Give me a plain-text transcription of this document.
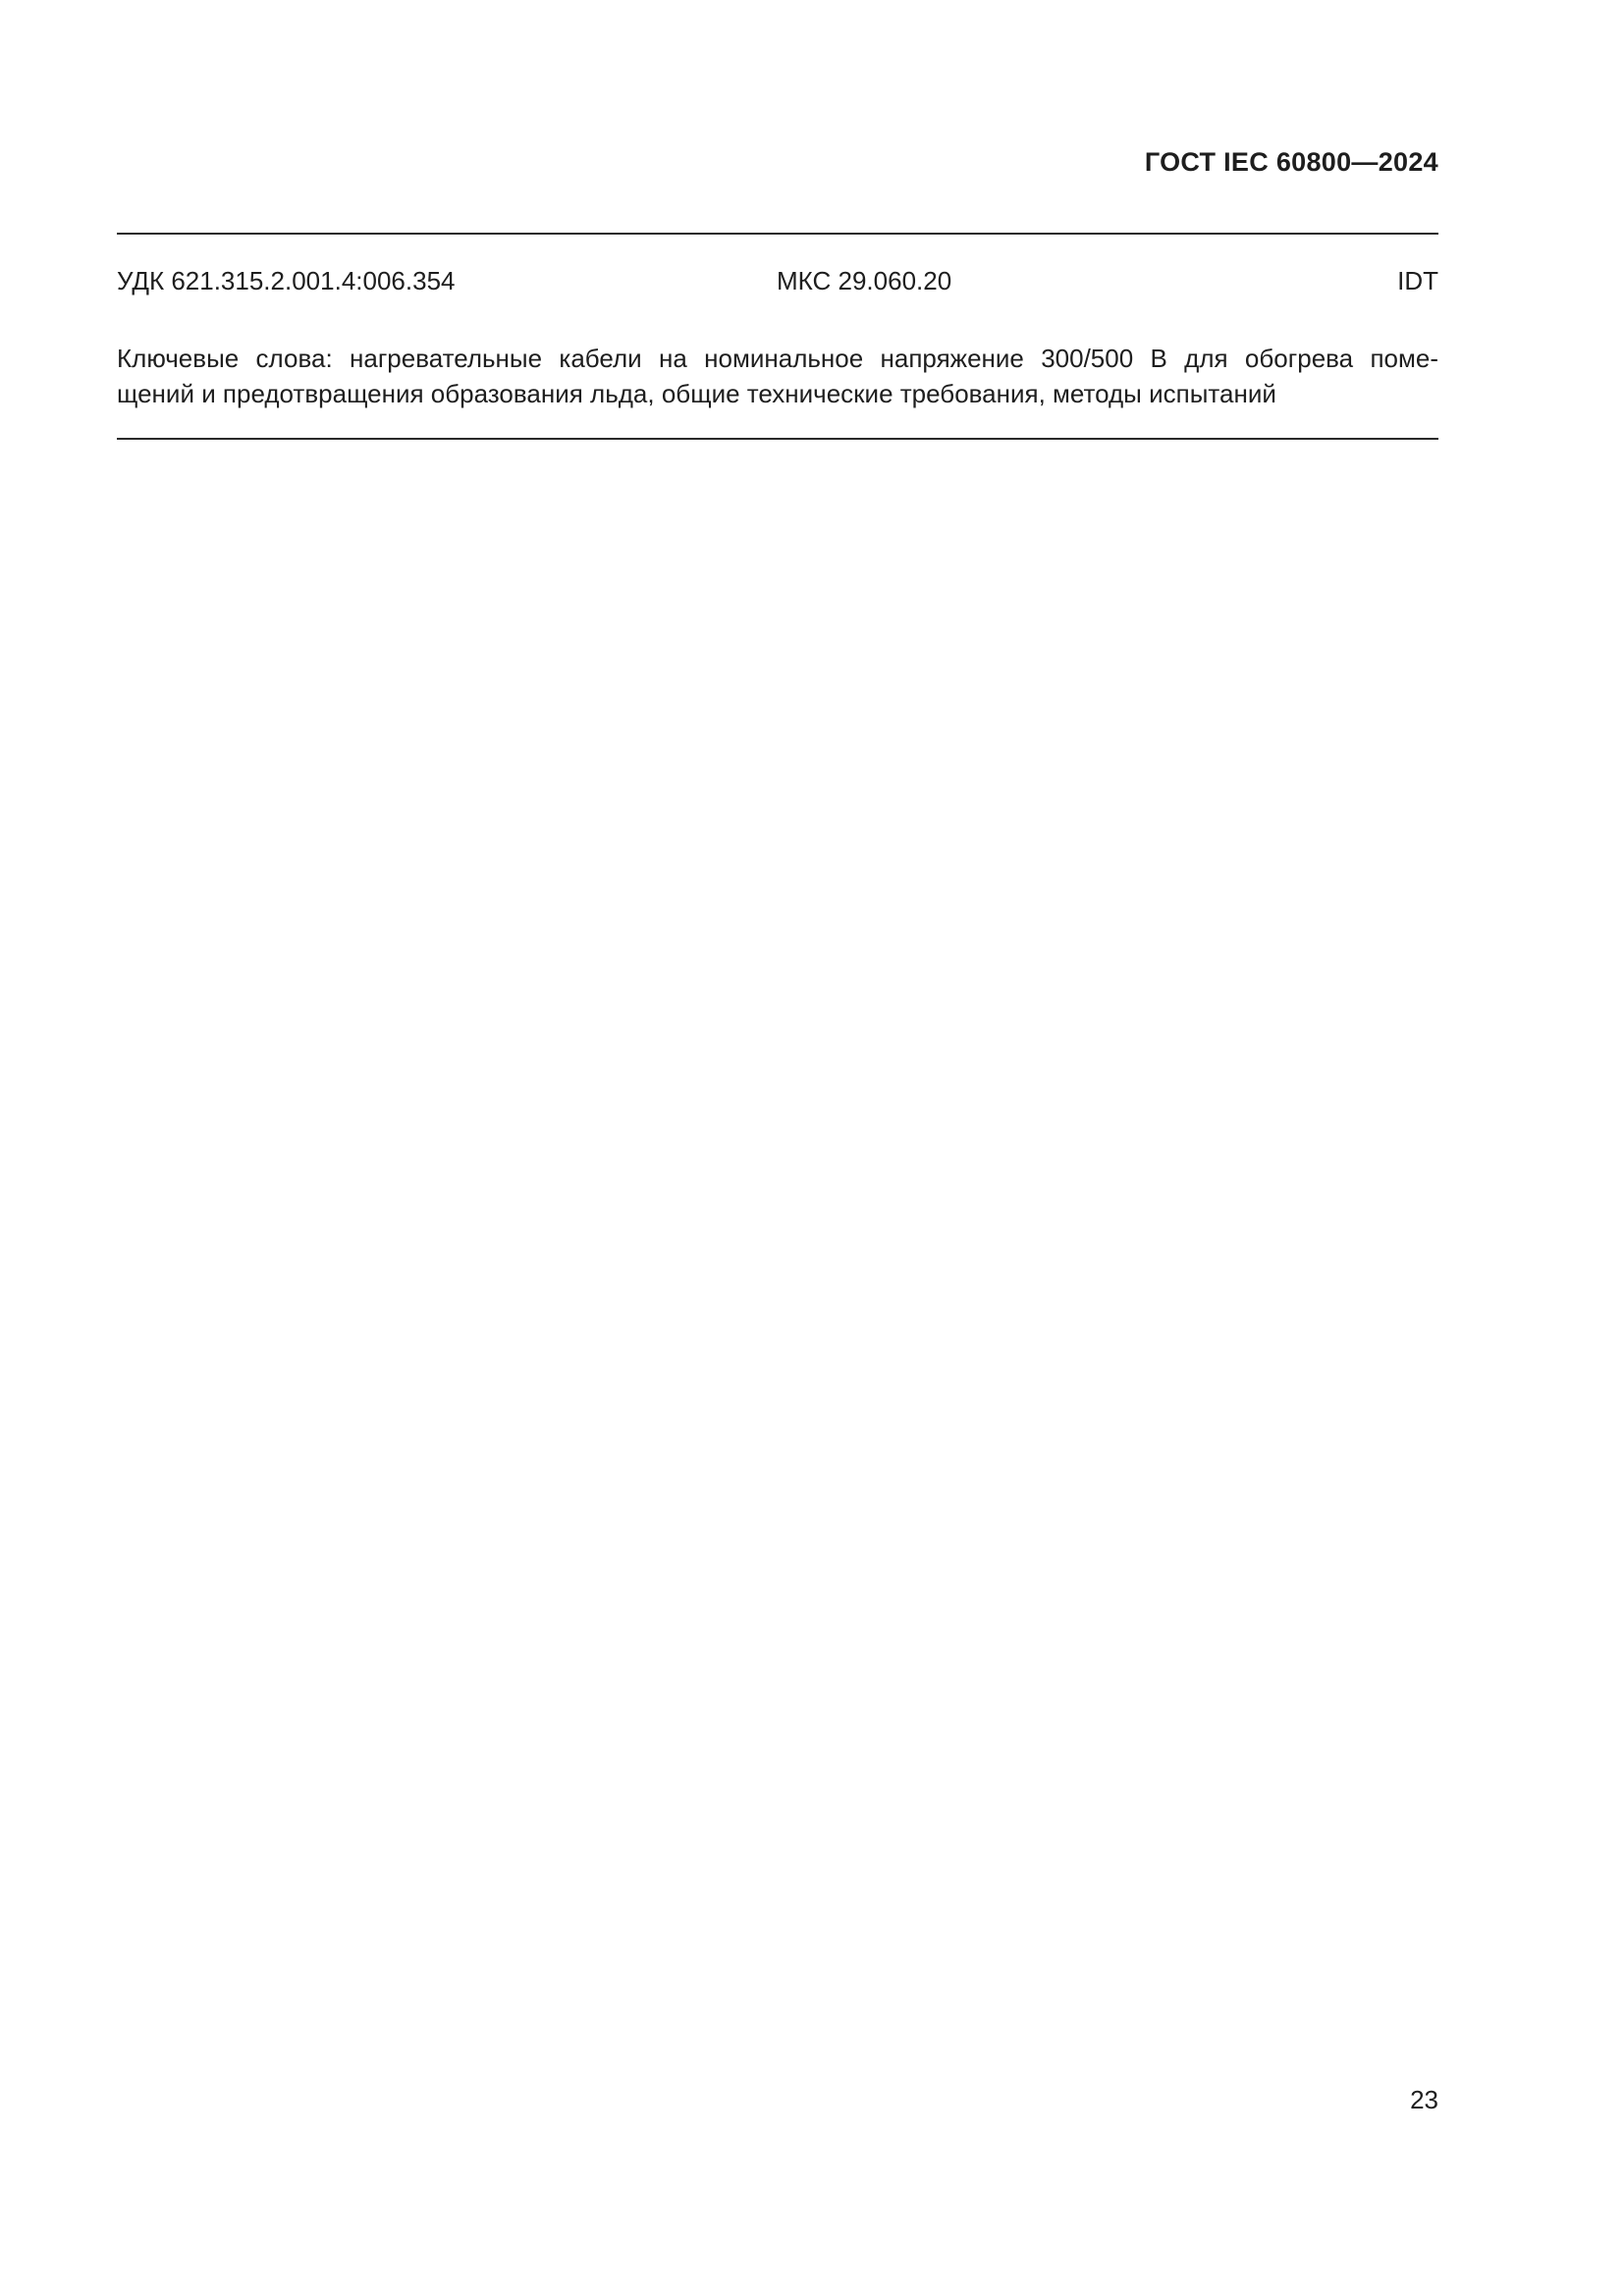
ГОСТ IEC 60800—2024
УДК 621.315.2.001.4:006.354	МКС 29.060.20	IDT
Ключевые слова: нагревательные кабели на номинальное напряжение 300/500 В для обогрева поме-
щений и предотвращения образования льда, общие технические требования, методы испытаний
23
